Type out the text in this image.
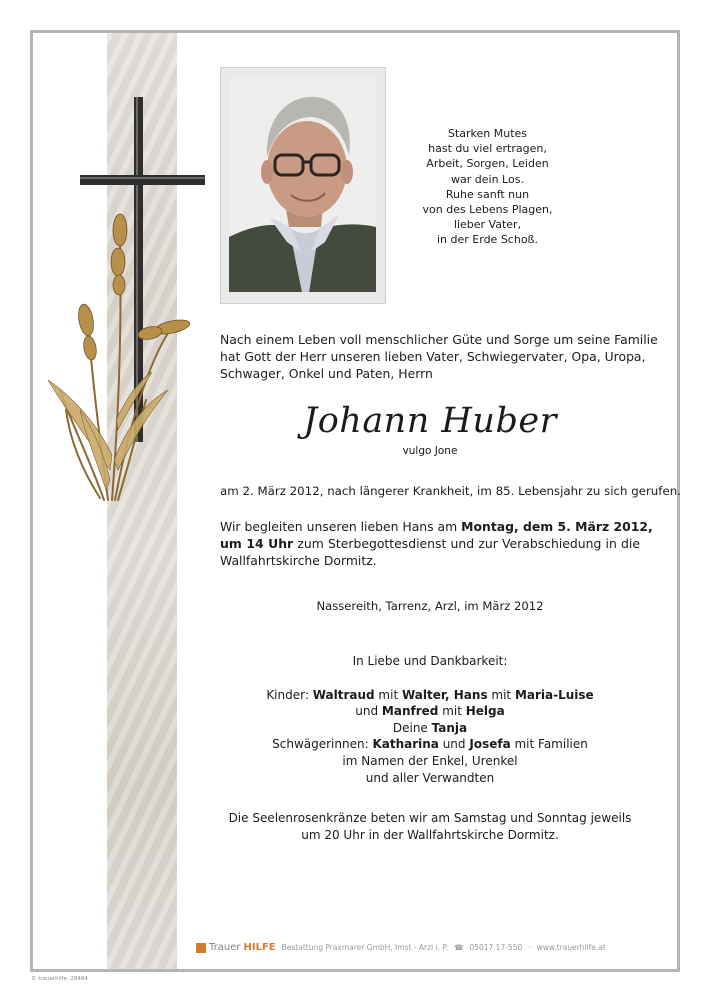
Starken Mutes
hast du viel ertragen,
Arbeit, Sorgen, Leiden
war dein Los.
Ruhe sanft nun
von des Lebens Plagen,
lieber Vater,
in der Erde Schoß.
Nach einem Leben voll menschlicher Güte und Sorge um seine Familie
hat Gott der Herr unseren lieben Vater, Schwiegervater, Opa, Uropa,
Schwager, Onkel und Paten, Herrn
Johann Huber
vulgo Jone
am 2. März 2012, nach längerer Krankheit, im 85. Lebensjahr zu sich gerufen.
Wir begleiten unseren lieben Hans am Montag, dem 5. März 2012,
um 14 Uhr zum Sterbegottesdienst und zur Verabschiedung in die
Wallfahrtskirche Dormitz.
Nassereith, Tarrenz, Arzl, im März 2012
In Liebe und Dankbarkeit:
Kinder: Waltraud mit Walter, Hans mit Maria-Luise
und Manfred mit Helga
Deine Tanja
Schwägerinnen: Katharina und Josefa mit Familien
im Namen der Enkel, Urenkel
und aller Verwandten
Die Seelenrosenkränze beten wir am Samstag und Sonntag jeweils
um 20 Uhr in der Wallfahrtskirche Dormitz.
Trauer HILFE Bestattung Praxmarer GmbH, Imst - Arzl i. P. ☎ 05017 17-550 · www.trauerhilfe.at
© trauerhilfe, 28464
